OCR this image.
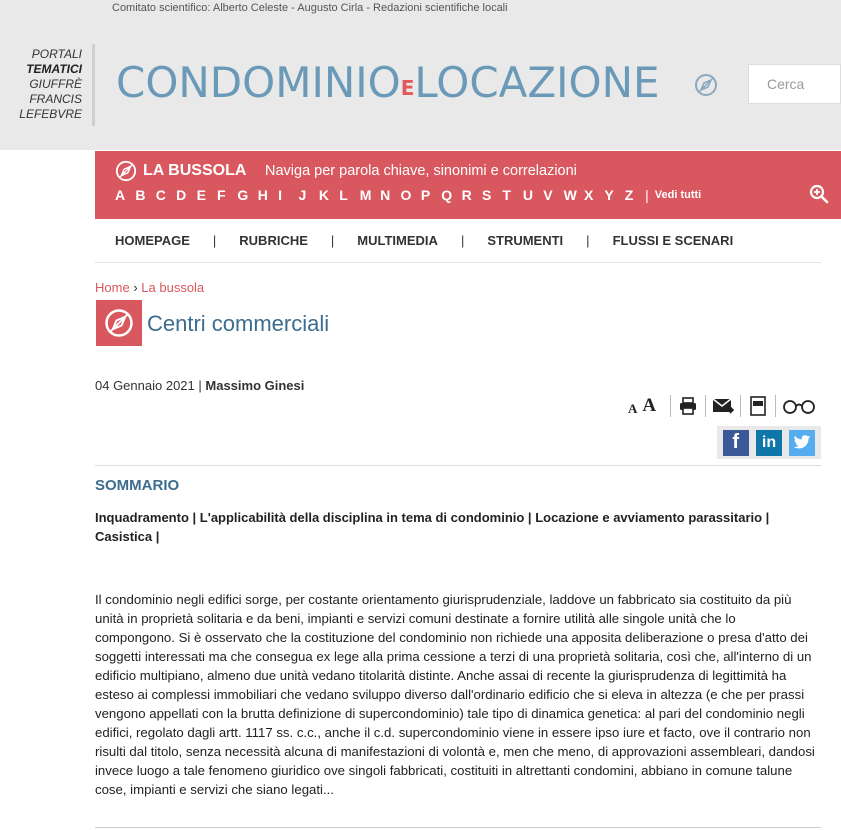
Comitato scientifico: Alberto Celeste - Augusto Cirla - Redazioni scientifiche locali
PORTALI
TEMATICI
GIUFFRÈ
FRANCIS
LEFEBVRE
CONDOMINIOELOCAZIONE
Cerca
LA BUSSOLA Naviga per parola chiave, sinonimi e correlazioni
A B C D E F G H I	J K L M N O P Q R S T U V W X Y Z | Vedi tutti
HOMEPAGE | RUBRICHE | MULTIMEDIA | STRUMENTI | FLUSSI E SCENARI
Home › La bussola
Centri commerciali
04 Gennaio 2021 | Massimo Ginesi
A A
f	in
SOMMARIO
Inquadramento | L'applicabilità della disciplina in tema di condominio | Locazione e avviamento parassitario | Casistica |
Il condominio negli edifici sorge, per costante orientamento giurisprudenziale, laddove un fabbricato sia costituito da più unità in proprietà solitaria e da beni, impianti e servizi comuni destinate a fornire utilità alle singole unità che lo compongono. Si è osservato che la costituzione del condominio non richiede una apposita deliberazione o presa d'atto dei soggetti interessati ma che consegua ex lege alla prima cessione a terzi di una proprietà solitaria, così che, all'interno di un edificio multipiano, almeno due unità vedano titolarità distinte. Anche assai di recente la giurisprudenza di legittimità ha esteso ai complessi immobiliari che vedano sviluppo diverso dall'ordinario edificio che si eleva in altezza (e che per prassi vengono appellati con la brutta definizione di supercondominio) tale tipo di dinamica genetica: al pari del condominio negli edifici, regolato dagli artt. 1117 ss. c.c., anche il c.d. supercondominio viene in essere ipso iure et facto, ove il contrario non risulti dal titolo, senza necessità alcuna di manifestazioni di volontà e, men che meno, di approvazioni assembleari, dandosi invece luogo a tale fenomeno giuridico ove singoli fabbricati, costituiti in altrettanti condomini, abbiano in comune talune cose, impianti e servizi che siano legati...
